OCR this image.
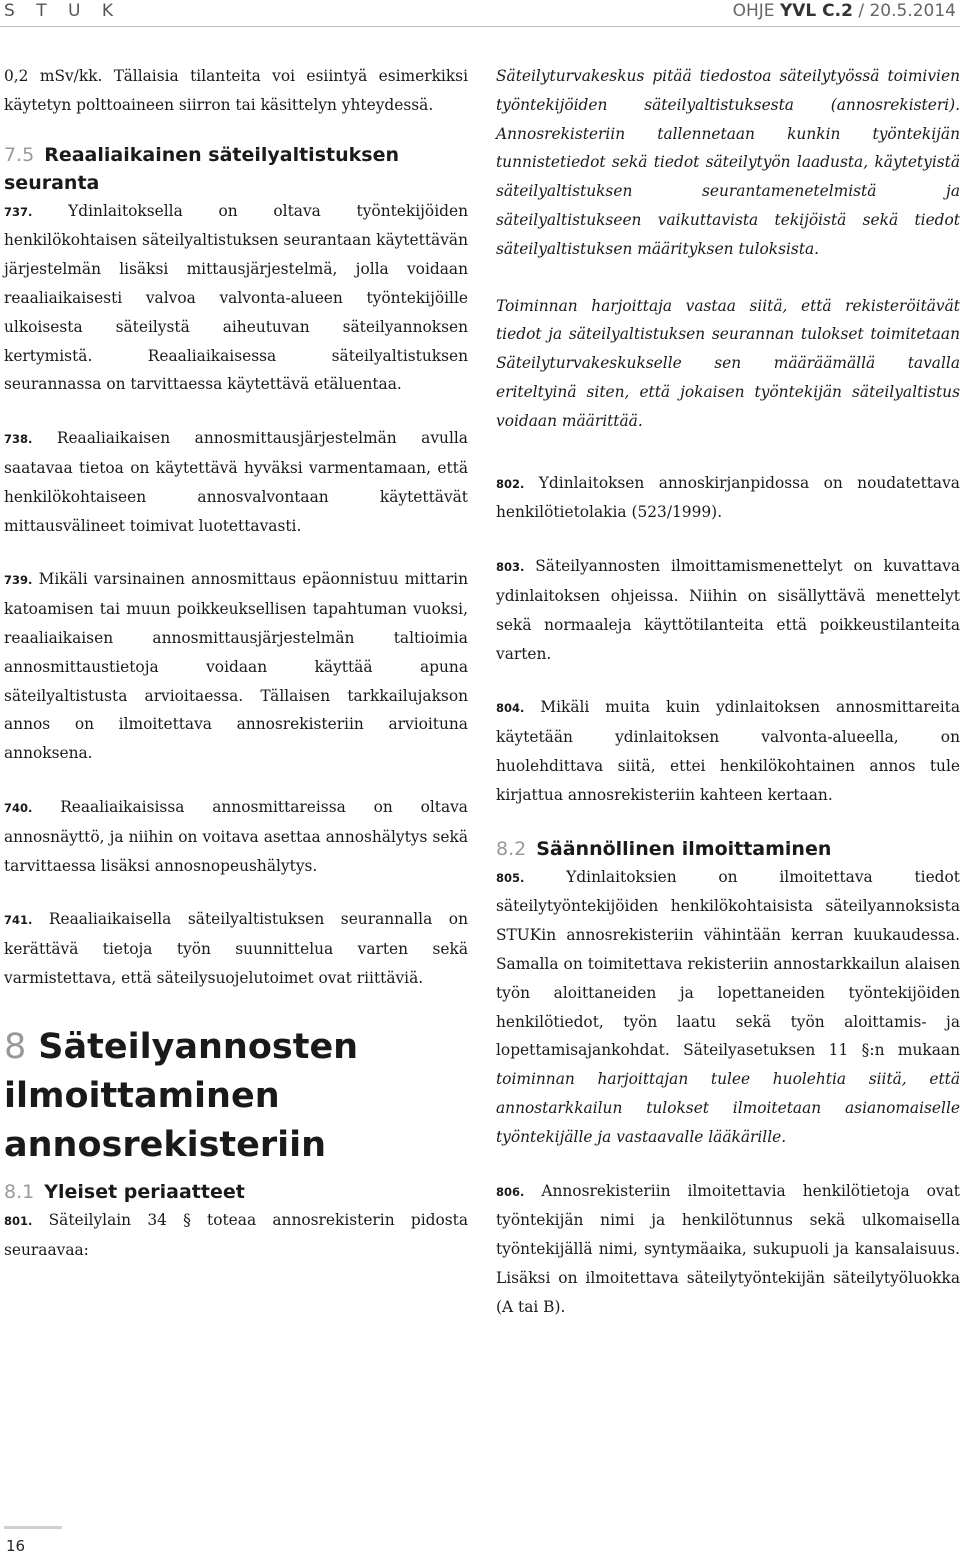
S T U K	OHJE YVL C.2 / 20.5.2014

0,2 mSv/kk. Tällaisia tilanteita voi esiintyä esimerkiksi käytetyn polttoaineen siirron tai käsittelyn yhteydessä.

7.5 Reaaliaikainen säteilyaltistuksen seuranta

737. Ydinlaitoksella on oltava työntekijöiden henkilökohtaisen säteilyaltistuksen seurantaan käytettävän järjestelmän lisäksi mittausjärjestelmä, jolla voidaan reaaliaikaisesti valvoa valvonta-alueen työntekijöille ulkoisesta säteilystä aiheutuvan säteilyannoksen kertymistä. Reaaliaikaisessa säteilyaltistuksen seurannassa on tarvittaessa käytettävä etäluentaa.

738. Reaaliaikaisen annosmittausjärjestelmän avulla saatavaa tietoa on käytettävä hyväksi varmentamaan, että henkilökohtaiseen annosvalvontaan käytettävät mittausvälineet toimivat luotettavasti.

739. Mikäli varsinainen annosmittaus epäonnistuu mittarin katoamisen tai muun poikkeuksellisen tapahtuman vuoksi, reaaliaikaisen annosmittausjärjestelmän taltioimia annosmittaustietoja voidaan käyttää apuna säteilyaltistusta arvioitaessa. Tällaisen tarkkailujakson annos on ilmoitettava annosrekisteriin arvioituna annoksena.

740. Reaaliaikaisissa annosmittareissa on oltava annosnäyttö, ja niihin on voitava asettaa annoshälytys sekä tarvittaessa lisäksi annosnopeushälytys.

741. Reaaliaikaisella säteilyaltistuksen seurannalla on kerättävä tietoja työn suunnittelua varten sekä varmistettava, että säteilysuojelutoimet ovat riittäviä.

8 Säteilyannosten ilmoittaminen annosrekisteriin

8.1 Yleiset periaatteet

801. Säteilylain 34 § toteaa annosrekisterin pidosta seuraavaa:

Säteilyturvakeskus pitää tiedostoa säteilytyössä toimivien työntekijöiden säteilyaltistuksesta (annosrekisteri). Annosrekisteriin tallennetaan kunkin työntekijän tunnistetiedot sekä tiedot säteilytyön laadusta, käytetyistä säteilyaltistuksen seurantamenetelmistä ja säteilyaltistukseen vaikuttavista tekijöistä sekä tiedot säteilyaltistuksen määrityksen tuloksista.

Toiminnan harjoittaja vastaa siitä, että rekisteröitävät tiedot ja säteilyaltistuksen seurannan tulokset toimitetaan Säteilyturvakeskukselle sen määräämällä tavalla eriteltyinä siten, että jokaisen työntekijän säteilyaltistus voidaan määrittää.

802. Ydinlaitoksen annoskirjanpidossa on noudatettava henkilötietolakia (523/1999).

803. Säteilyannosten ilmoittamismenettelyt on kuvattava ydinlaitoksen ohjeissa. Niihin on sisällyttävä menettelyt sekä normaaleja käyttötilanteita että poikkeustilanteita varten.

804. Mikäli muita kuin ydinlaitoksen annosmittareita käytetään ydinlaitoksen valvonta-alueella, on huolehdittava siitä, ettei henkilökohtainen annos tule kirjattua annosrekisteriin kahteen kertaan.

8.2 Säännöllinen ilmoittaminen

805.	Ydinlaitoksien on ilmoitettava tiedot säteilytyöntekijöiden henkilökohtaisista säteilyannoksista STUKin annosrekisteriin vähintään kerran kuukaudessa. Samalla on toimitettava rekisteriin annostarkkailun alaisen työn aloittaneiden ja lopettaneiden työntekijöiden henkilötiedot, työn laatu sekä työn aloittamis- ja lopettamisajankohdat. Säteilyasetuksen 11 §:n mukaan toiminnan harjoittajan tulee huolehtia siitä, että annostarkkailun tulokset ilmoitetaan asianomaiselle työntekijälle ja vastaavalle lääkärille.

806. Annosrekisteriin ilmoitettavia henkilötietoja ovat työntekijän nimi ja henkilötunnus sekä ulkomaisella työntekijällä nimi, syntymäaika, sukupuoli ja kansalaisuus. Lisäksi on ilmoitettava säteilytyöntekijän säteilytyöluokka (A tai B).

16
